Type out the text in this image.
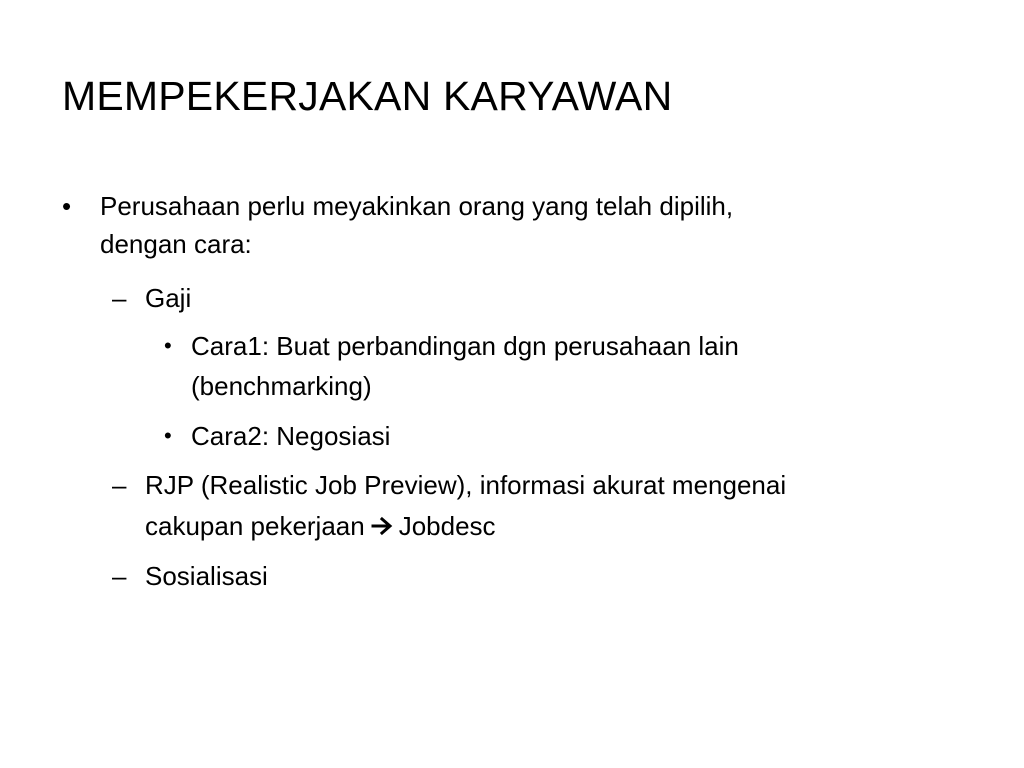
MEMPEKERJAKAN KARYAWAN
• Perusahaan perlu meyakinkan orang yang telah dipilih,
dengan cara:
– Gaji
• Cara1: Buat perbandingan dgn perusahaan lain
(benchmarking)
• Cara2: Negosiasi
– RJP (Realistic Job Preview), informasi akurat mengenai
cakupan pekerjaan Jobdesc
– Sosialisasi
